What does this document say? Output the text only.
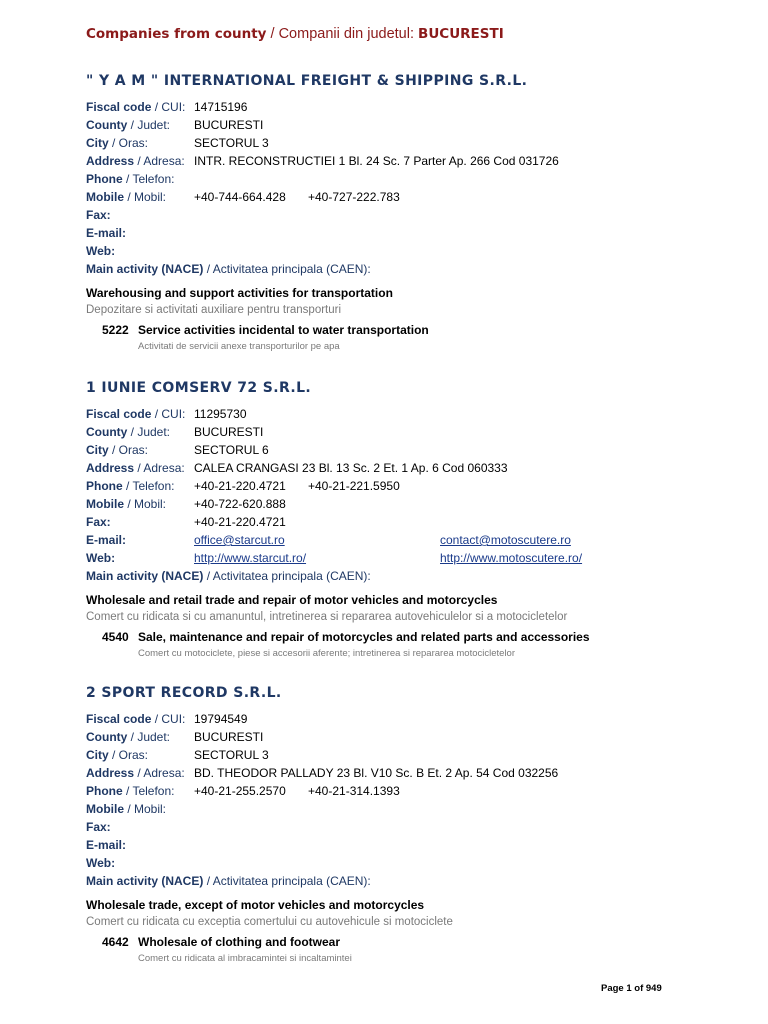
Companies from county / Companii din judetul: BUCURESTI
" Y A M " INTERNATIONAL FREIGHT & SHIPPING S.R.L.
Fiscal code / CUI: 14715196
County / Judet: BUCURESTI
City / Oras:	SECTORUL 3
Address / Adresa: INTR. RECONSTRUCTIEI 1 Bl. 24 Sc. 7 Parter Ap. 266 Cod 031726
Phone / Telefon:
Mobile / Mobil: +40-744-664.428 +40-727-222.783
Fax:
E-mail:
Web:
Main activity (NACE) / Activitatea principala (CAEN):
Warehousing and support activities for transportation
Depozitare si activitati auxiliare pentru transporturi
5222 Service activities incidental to water transportation
Activitati de servicii anexe transporturilor pe apa
1 IUNIE COMSERV 72 S.R.L.
Fiscal code / CUI: 11295730
County / Judet: BUCURESTI
City / Oras:	SECTORUL 6
Address / Adresa: CALEA CRANGASI 23 Bl. 13 Sc. 2 Et. 1 Ap. 6 Cod 060333
Phone / Telefon: +40-21-220.4721 +40-21-221.5950
Mobile / Mobil: +40-722-620.888
Fax:	+40-21-220.4721
E-mail:	office@starcut.ro	contact@motoscutere.ro
Web:	http://www.starcut.ro/	http://www.motoscutere.ro/
Main activity (NACE) / Activitatea principala (CAEN):
Wholesale and retail trade and repair of motor vehicles and motorcycles
Comert cu ridicata si cu amanuntul, intretinerea si repararea autovehiculelor si a motocicletelor
4540 Sale, maintenance and repair of motorcycles and related parts and accessories
Comert cu motociclete, piese si accesorii aferente; intretinerea si repararea motocicletelor
2 SPORT RECORD S.R.L.
Fiscal code / CUI: 19794549
County / Judet: BUCURESTI
City / Oras:	SECTORUL 3
Address / Adresa: BD. THEODOR PALLADY 23 Bl. V10 Sc. B Et. 2 Ap. 54 Cod 032256
Phone / Telefon: +40-21-255.2570 +40-21-314.1393
Mobile / Mobil:
Fax:
E-mail:
Web:
Main activity (NACE) / Activitatea principala (CAEN):
Wholesale trade, except of motor vehicles and motorcycles
Comert cu ridicata cu exceptia comertului cu autovehicule si motociclete
4642 Wholesale of clothing and footwear
Comert cu ridicata al imbracamintei si incaltamintei
Page 1 of 949
